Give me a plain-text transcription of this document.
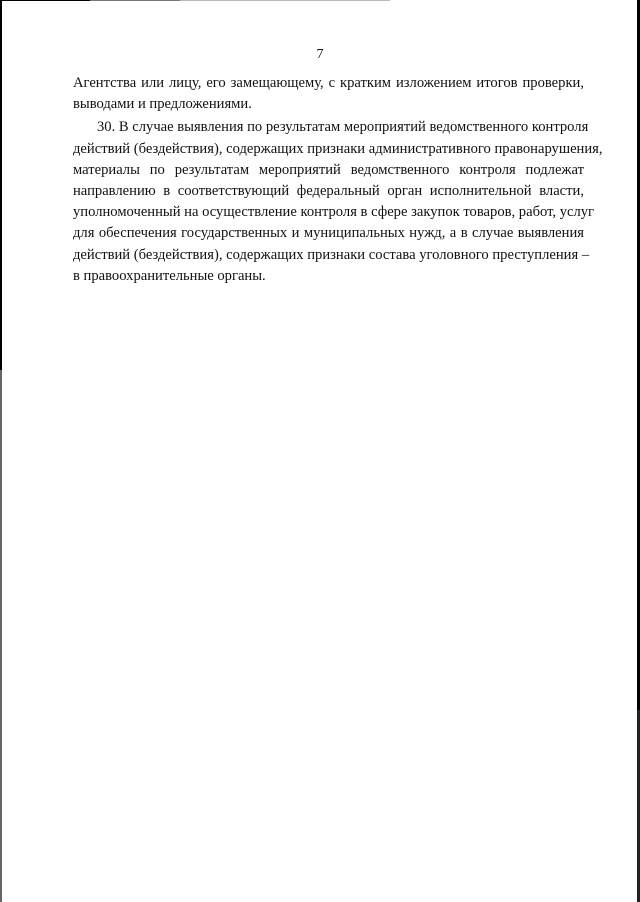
7
Агентства или лицу, его замещающему, с кратким изложением итогов проверки,
выводами и предложениями.
30. В случае выявления по результатам мероприятий ведомственного контроля
действий (бездействия), содержащих признаки административного правонарушения,
материалы по результатам мероприятий ведомственного контроля подлежат
направлению в соответствующий федеральный орган исполнительной власти,
уполномоченный на осуществление контроля в сфере закупок товаров, работ, услуг
для обеспечения государственных и муниципальных нужд, а в случае выявления
действий (бездействия), содержащих признаки состава уголовного преступления –
в правоохранительные органы.
